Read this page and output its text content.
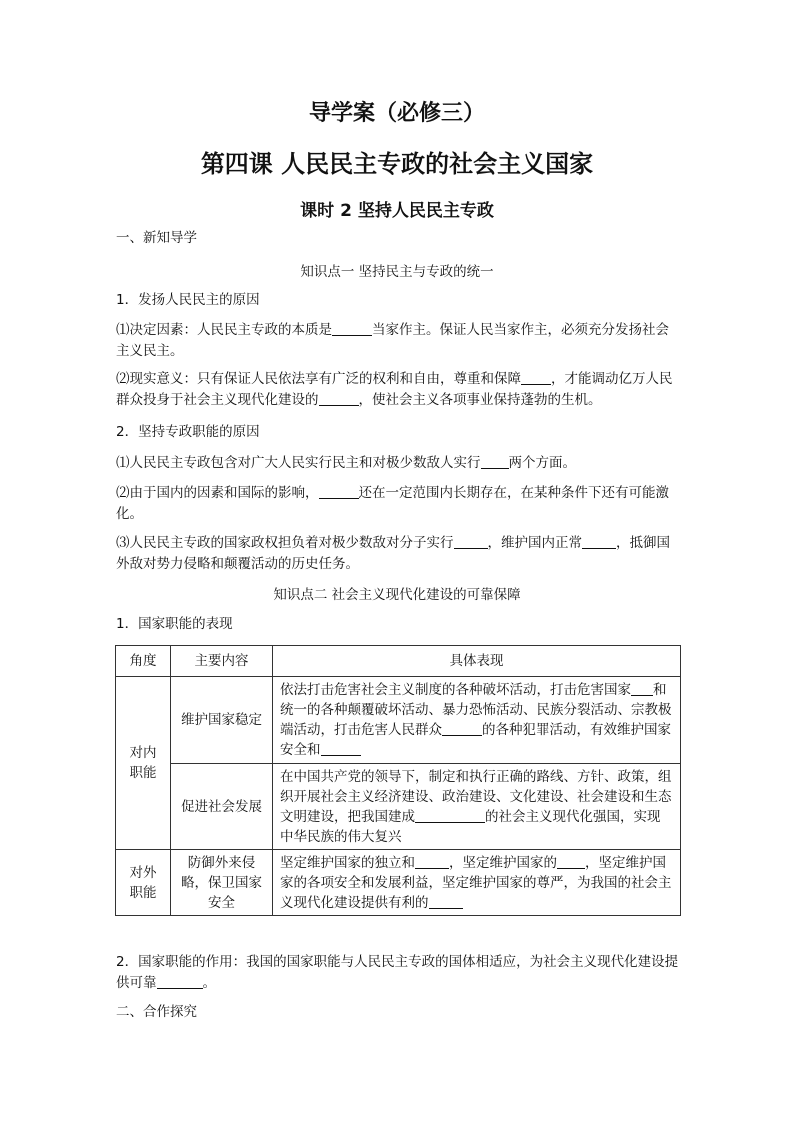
导学案（必修三）
第四课 人民民主专政的社会主义国家
课时 2 坚持人民民主专政
一、新知导学
知识点一 坚持民主与专政的统一
1．发扬人民民主的原因
⑴决定因素：人民民主专政的本质是	当家作主。保证人民当家作主，必须充分发扬社会主义民主。
⑵现实意义：只有保证人民依法享有广泛的权利和自由，尊重和保障 ，才能调动亿万人民群众投身于社会主义现代化建设的	，使社会主义各项事业保持蓬勃的生机。
2．坚持专政职能的原因
⑴人民民主专政包含对广大人民实行民主和对极少数敌人实行 两个方面。
⑵由于国内的因素和国际的影响，	还在一定范围内长期存在，在某种条件下还有可能激化。
⑶人民民主专政的国家政权担负着对极少数敌对分子实行	，维护国内正常	，抵御国外敌对势力侵略和颠覆活动的历史任务。
知识点二 社会主义现代化建设的可靠保障
1．国家职能的表现
角度	主要内容	具体表现
对内职能	维护国家稳定	依法打击危害社会主义制度的各种破坏活动，打击危害国家 和统一的各种颠覆破坏活动、暴力恐怖活动、民族分裂活动、宗教极端活动，打击危害人民群众 的各种犯罪活动，有效维护国家安全和
	促进社会发展	在中国共产党的领导下，制定和执行正确的路线、方针、政策，组织开展社会主义经济建设、政治建设、文化建设、社会建设和生态文明建设，把我国建成 的社会主义现代化强国，实现中华民族的伟大复兴
对外职能	防御外来侵略，保卫国家安全	坚定维护国家的独立和 ，坚定维护国家的 ，坚定维护国家的各项安全和发展利益，坚定维护国家的尊严，为我国的社会主义现代化建设提供有利的
2．国家职能的作用：我国的国家职能与人民民主专政的国体相适应，为社会主义现代化建设提供可靠	。
二、合作探究
